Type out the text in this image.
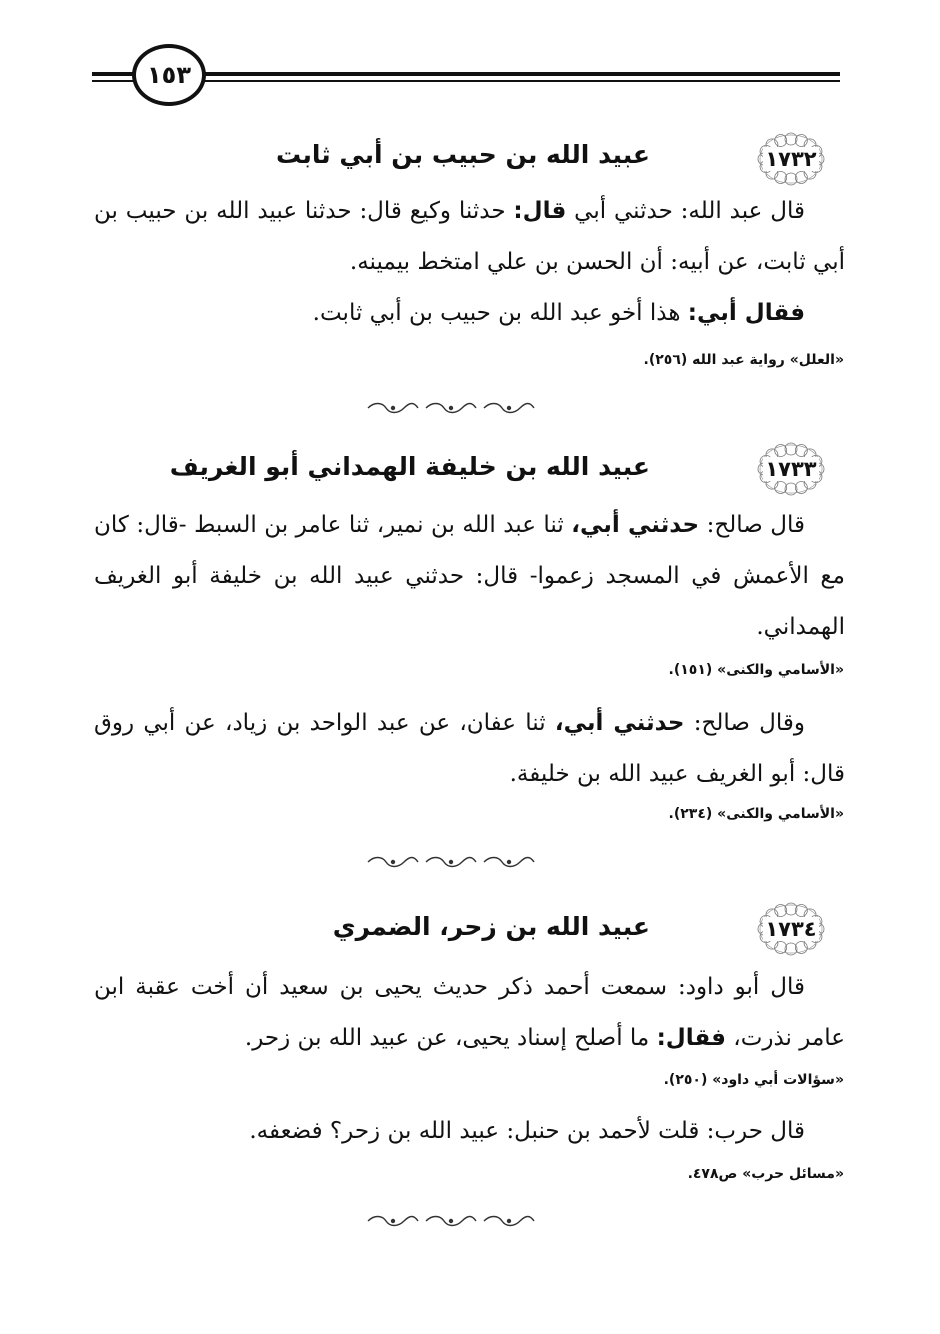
١٥٣
١٧٣٢
عبيد الله بن حبيب بن أبي ثابت
قال عبد الله: حدثني أبي قال: حدثنا وكيع قال: حدثنا عبيد الله بن حبيب بن أبي ثابت، عن أبيه: أن الحسن بن علي امتخط بيمينه.
فقال أبي: هذا أخو عبد الله بن حبيب بن أبي ثابت.
«العلل» رواية عبد الله (٢٥٦).
١٧٣٣
عبيد الله بن خليفة الهمداني أبو الغريف
قال صالح: حدثني أبي، ثنا عبد الله بن نمير، ثنا عامر بن السبط -قال: كان مع الأعمش في المسجد زعموا- قال: حدثني عبيد الله بن خليفة أبو الغريف الهمداني.
«الأسامي والكنى» (١٥١).
وقال صالح: حدثني أبي، ثنا عفان، عن عبد الواحد بن زياد، عن أبي روق قال: أبو الغريف عبيد الله بن خليفة.
«الأسامي والكنى» (٢٣٤).
١٧٣٤
عبيد الله بن زحر، الضمري
قال أبو داود: سمعت أحمد ذكر حديث يحيى بن سعيد أن أخت عقبة ابن عامر نذرت، فقال: ما أصلح إسناد يحيى، عن عبيد الله بن زحر.
«سؤالات أبي داود» (٢٥٠).
قال حرب: قلت لأحمد بن حنبل: عبيد الله بن زحر؟ فضعفه.
«مسائل حرب» ص٤٧٨.
